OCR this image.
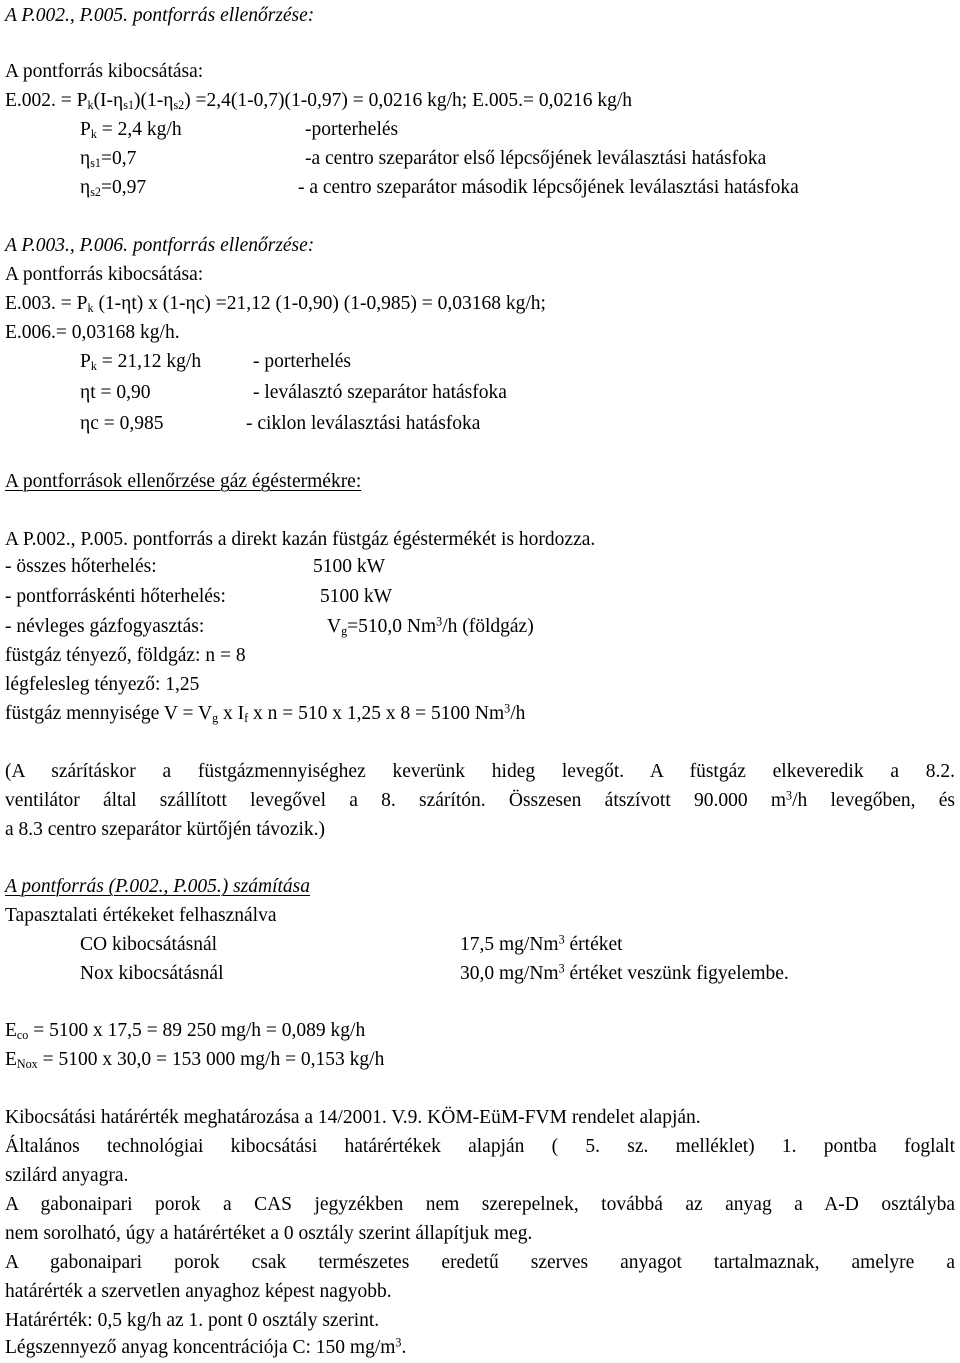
A P.002., P.005. pontforrás ellenőrzése:
A pontforrás kibocsátása:
E.002. = $P_k(I-\eta_{s1})(1-\eta_{s2}) =2,4(1-0,7)(1-0,97) = 0,0216$ kg/h; E.005.= 0,0216 kg/h
$P_k = 2,4$ kg/h	-porterhelés
$\eta_{s1}=0,7$	-a centro szeparátor első lépcsőjének leválasztási hatásfoka
$\eta_{s2}=0,97$	- a centro szeparátor második lépcsőjének leválasztási hatásfoka
A P.003., P.006. pontforrás ellenőrzése:
A pontforrás kibocsátása:
E.003. = $P_k$ (1-ηt) x (1-ηc) =21,12 (1-0,90) (1-0,985) = 0,03168 kg/h;
E.006.= 0,03168 kg/h.
$P_k = 21,12$ kg/h	- porterhelés
ηt = 0,90	- leválasztó szeparátor hatásfoka
ηc = 0,985	- ciklon leválasztási hatásfoka
A pontforrások ellenőrzése gáz égéstermékre:
A P.002., P.005. pontforrás a direkt kazán füstgáz égéstermékét is hordozza.
- összes hőterhelés:	5100 kW
- pontforráskénti hőterhelés:	5100 kW
- névleges gázfogyasztás:	$V_g=510,0$ Nm$^3$/h (földgáz)
füstgáz tényező, földgáz: n = 8
légfelesleg tényező: 1,25
füstgáz mennyisége $V = V_g$ x $I_f$ x n = 510 x 1,25 x 8 = 5100 Nm$^3$/h
(A szárításkor a füstgázmennyiséghez keverünk hideg levegőt. A füstgáz elkeveredik a 8.2.
ventilátor által szállított levegővel a 8. szárítón. Összesen átszívott 90.000 $m^3/h$ levegőben, és
a 8.3 centro szeparátor kürtőjén távozik.)
A pontforrás (P.002., P.005.) számítása
Tapasztalati értékeket felhasználva
CO kibocsátásnál	17,5 mg/Nm$^3$ értéket
Nox kibocsátásnál	30,0 mg/Nm$^3$ értéket veszünk figyelembe.
$E_{co} = 5100$ x 17,5 = 89 250 mg/h = 0,089 kg/h
$E_{Nox} = 5100$ x 30,0 = 153 000 mg/h = 0,153 kg/h
Kibocsátási határérték meghatározása a 14/2001. V.9. KÖM-EüM-FVM rendelet alapján.
Általános technológiai kibocsátási határértékek alapján ( 5. sz. melléklet) 1. pontba foglalt
szilárd anyagra.
A gabonaipari porok a CAS jegyzékben nem szerepelnek, továbbá az anyag a A-D osztályba
nem sorolható, úgy a határértéket a 0 osztály szerint állapítjuk meg.
A gabonaipari porok csak természetes eredetű szerves anyagot tartalmaznak, amelyre a
határérték a szervetlen anyaghoz képest nagyobb.
Határérték: 0,5 kg/h az 1. pont 0 osztály szerint.
Légszennyező anyag koncentrációja C: 150 $mg/m^3$.
